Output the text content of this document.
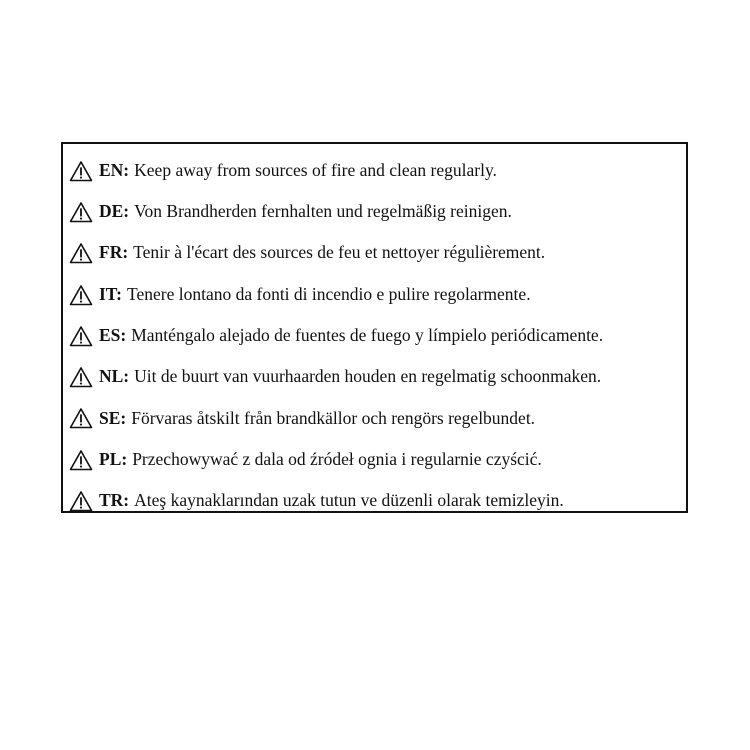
EN: Keep away from sources of fire and clean regularly.
DE: Von Brandherden fernhalten und regelmäßig reinigen.
FR: Tenir à l'écart des sources de feu et nettoyer régulièrement.
IT: Tenere lontano da fonti di incendio e pulire regolarmente.
ES: Manténgalo alejado de fuentes de fuego y límpielo periódicamente.
NL: Uit de buurt van vuurhaarden houden en regelmatig schoonmaken.
SE: Förvaras åtskilt från brandkällor och rengörs regelbundet.
PL: Przechowywać z dala od źródeł ognia i regularnie czyścić.
TR: Ateş kaynaklarından uzak tutun ve düzenli olarak temizleyin.
